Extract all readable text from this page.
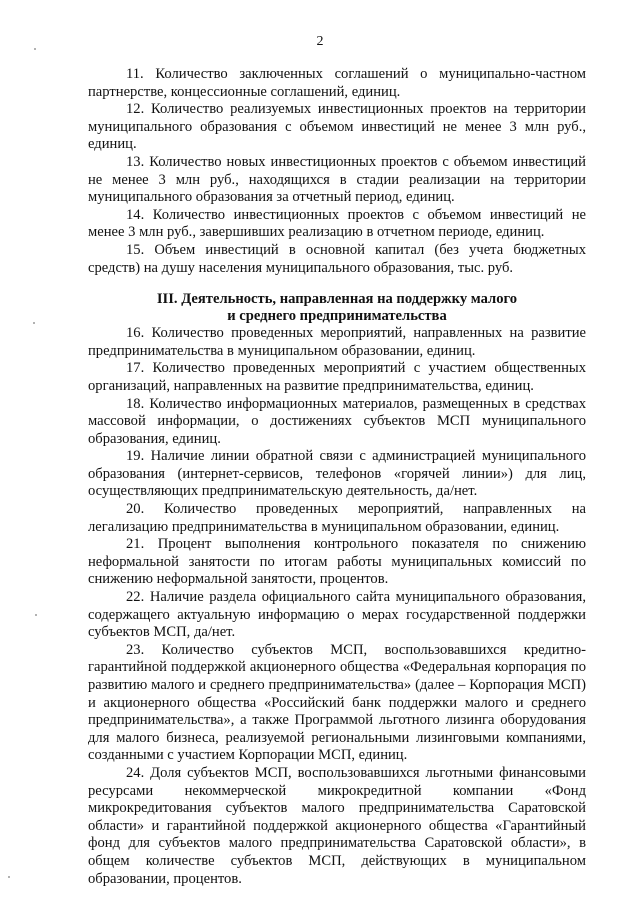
2

11. Количество заключенных соглашений о муниципально-частном партнерстве, концессионные соглашений, единиц.

12. Количество реализуемых инвестиционных проектов на территории муниципального образования с объемом инвестиций не менее 3 млн руб., единиц.

13. Количество новых инвестиционных проектов с объемом инвестиций не менее 3 млн руб., находящихся в стадии реализации на территории муниципального образования за отчетный период, единиц.

14. Количество инвестиционных проектов с объемом инвестиций не менее 3 млн руб., завершивших реализацию в отчетном периоде, единиц.

15. Объем инвестиций в основной капитал (без учета бюджетных средств) на душу населения муниципального образования, тыс. руб.

III. Деятельность, направленная на поддержку малого
и среднего предпринимательства

16. Количество проведенных мероприятий, направленных на развитие предпринимательства в муниципальном образовании, единиц.

17. Количество проведенных мероприятий с участием общественных организаций, направленных на развитие предпринимательства, единиц.

18. Количество информационных материалов, размещенных в средствах массовой информации, о достижениях субъектов МСП муниципального образования, единиц.

19. Наличие линии обратной связи с администрацией муниципального образования (интернет-сервисов, телефонов «горячей линии») для лиц, осуществляющих предпринимательскую деятельность, да/нет.

20. Количество проведенных мероприятий, направленных на легализацию предпринимательства в муниципальном образовании, единиц.

21. Процент выполнения контрольного показателя по снижению неформальной занятости по итогам работы муниципальных комиссий по снижению неформальной занятости, процентов.

22. Наличие раздела официального сайта муниципального образования, содержащего актуальную информацию о мерах государственной поддержки субъектов МСП, да/нет.

23. Количество субъектов МСП, воспользовавшихся кредитно-гарантийной поддержкой акционерного общества «Федеральная корпорация по развитию малого и среднего предпринимательства» (далее – Корпорация МСП) и акционерного общества «Российский банк поддержки малого и среднего предпринимательства», а также Программой льготного лизинга оборудования для малого бизнеса, реализуемой региональными лизинговыми компаниями, созданными с участием Корпорации МСП, единиц.

24. Доля субъектов МСП, воспользовавшихся льготными финансовыми ресурсами некоммерческой микрокредитной компании «Фонд микрокредитования субъектов малого предпринимательства Саратовской области» и гарантийной поддержкой акционерного общества «Гарантийный фонд для субъектов малого предпринимательства Саратовской области», в общем количестве субъектов МСП, действующих в муниципальном образовании, процентов.
